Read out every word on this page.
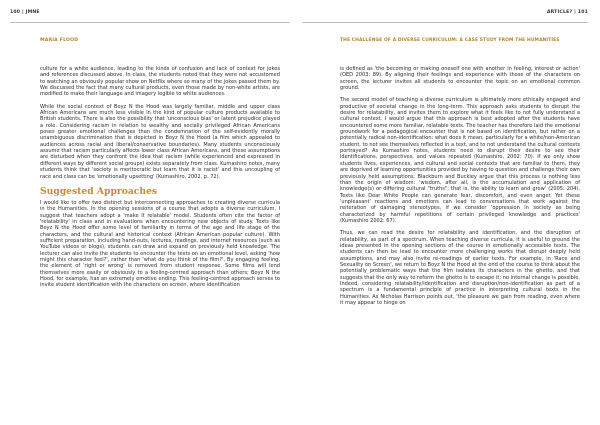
100 | JMNE
MARIA FLOOD

culture for a white audience, leading to the kinds of confusion and lack of context for jokes and references discussed above. In class, the students noted that they were not accustomed to watching an obviously popular show on Netflix where so many of the jokes passed them by. We discussed the fact that many cultural products, even those made by non-white artists, are modified to make their language and imagery legible to white audiences.

While the social context of Boyz N the Hood was largely familiar, middle and upper class African Americans are much less visible in the kind of popular culture products available to British students. There is also the possibility that 'unconscious bias' or latent prejudice played a role. Considering racism in relation to wealthy and socially privileged African Americans poses greater emotional challenges than the condemnation of the self-evidently morally unambiguous discrimination that is depicted in Boyz N the Hood (a film which appealed to audiences across racial and liberal/conservative boundaries). Many students unconsciously assume that racism particularly affects lower class African Americans, and these assumptions are disturbed when they confront the idea that racism (while experienced and expressed in different ways by different social groups) exists separately from class. Kumashiro notes, many students think that 'society is meritocratic but learn that it is racist' and this uncoupling of race and class can be 'emotionally upsetting' (Kumashiro, 2002, p. 72).

Suggested Approaches

I would like to offer two distinct but interconnecting approaches to creating diverse curricula in the Humanities. In the opening sessions of a course that adopts a diverse curriculum, I suggest that teachers adopt a 'make it relatable' model. Students often cite the factor of 'relatability' in class and in evaluations when encountering new objects of study. Texts like Boyz N the Hood offer some level of familiarity in terms of the age and life stage of the characters, and the cultural and historical context (African American popular culture). With sufficient preparation, including hand-outs, lectures, readings, and internet resources (such as YouTube videos or blogs), students can draw and expand on previously held knowledge. The lecturer can also invite the students to encounter the texts on an emotional level, asking 'how might this character feel?', rather than 'what do you think of the film?'. By engaging feeling, the element of 'right or wrong' is removed from student response. Some films will lend themselves more easily or obviously to a feeling-centred approach than others; Boyz N the Hood, for example, has an extremely emotive ending. This feeling-centred approach serves to invite student identification with the characters on screen, where identification

ARTICLE? | 101
THE CHALLENGE OF A DIVERSE CURRICULUM: A CASE STUDY FROM THE HUMANITIES

is defined as 'the becoming or making oneself one with another in feeling, interest or action' (OED 2003: 89). By aligning their feelings and experience with those of the characters on screen, the lecturer invites all students to encounter the topic on an emotional common ground.

The second model of teaching a diverse curriculum is ultimately more ethically engaged and productive of societal change in the long-term. This approach asks students to disrupt the desire for relatability, and invites them to explore what it feels like to not fully understand a cultural context. I would argue that this approach is best adopted after the students have encountered some more familiar, relatable texts. The teacher has therefore laid the emotional groundwork for a pedagogical encounter that is not based on identification, but rather on a potentially radical non-identification: what does it mean, particularly for a white/non-American student, to not see themselves reflected in a text, and to not understand the cultural contexts portrayed? As Kumashiro notes, students need to disrupt their desire to see their identifications, perspectives, and values repeated (Kumashiro, 2002: 70). If we only show students lives, experiences, and cultural and social contexts that are familiar to them, they are deprived of learning opportunities provided by having to question and challenge their own previously held assumptions. Blackburn and Buckley argue that this process is nothing less than the origin of wisdom: 'wisdom, after all, is the accumulation and application of knowledge(s) or differing cultural "truths"; that is, the ability to learn and grow' (2005: 204). Texts like Dear White People can generate fear, discomfort, and even anger. Yet these 'unpleasant' reactions and emotions can lead to conversations that work against the reiteration of damaging stereotypes, if we consider 'oppression in society as being characterized by harmful repetitions of certain privileged knowledge and practices' (Kumashiro 2002: 67).

Thus, we can read the desire for relatability and identification, and the disruption of relatability, as part of a spectrum. When teaching diverse curricula, it is useful to ground the ideas presented in the opening sections of the course in emotionally accessible texts. The students can then be lead to encounter more challenging works that disrupt deeply held assumptions, and may also invite re-readings of earlier texts. For example, in 'Race and Sexuality on Screen', we return to Boyz N the Hood at the end of the course to think about the potentially problematic ways that the film isolates its characters in the ghetto, and that suggests that the only way to reform the ghetto is to escape it; no internal change is possible. Indeed, considering relatability/identification and disruption/non-identification as part of a spectrum is a fundamental principle of practice in interpreting cultural texts in the Humanities. As Nicholas Harrison points out, 'the pleasure we gain from reading, even where it may appear to hinge on
